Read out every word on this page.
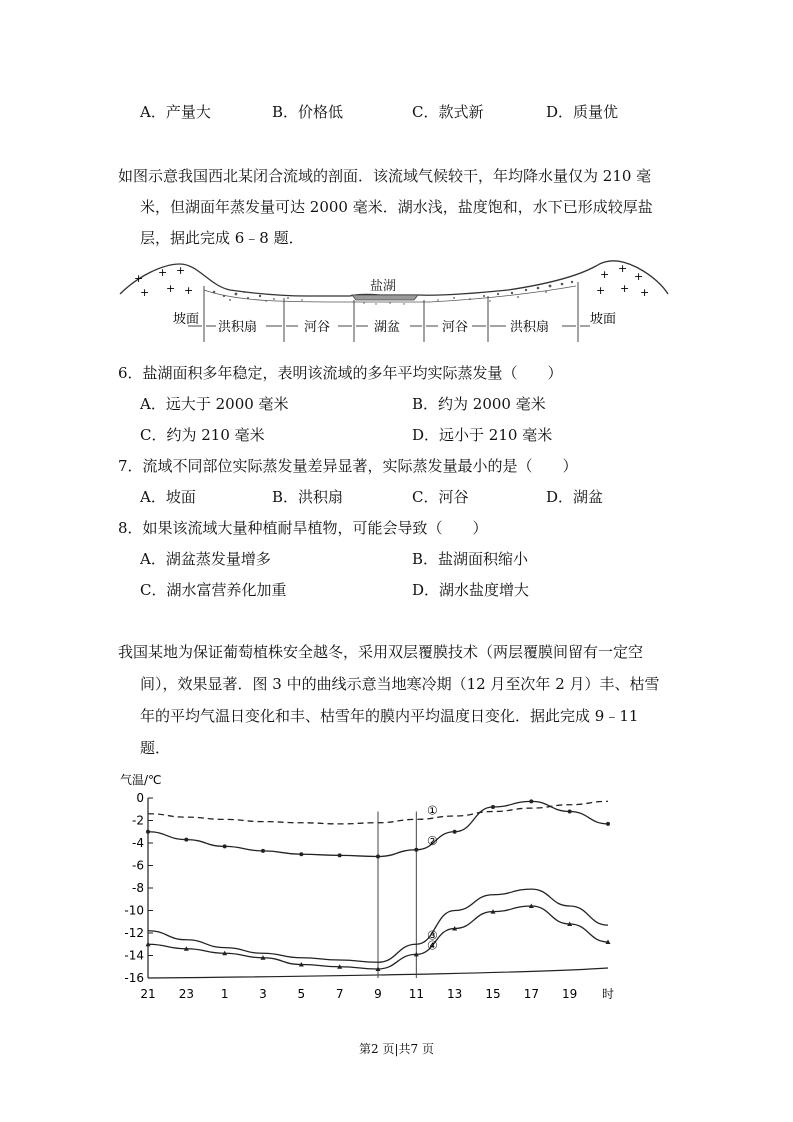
A．产量大	B．价格低	C．款式新	D．质量优
如图示意我国西北某闭合流域的剖面．该流域气候较干，年均降水量仅为 210 毫
米，但湖面年蒸发量可达 2000 毫米．湖水浅，盐度饱和，水下已形成较厚盐
层，据此完成 6﹣8 题．
+ + +
+ + +
+ +
+
+ + +
盐湖
坡面
洪积扇	河谷	湖盆	河谷	洪积扇
坡面
6．盐湖面积多年稳定，表明该流域的多年平均实际蒸发量（　　）
A．远大于 2000 毫米	B．约为 2000 毫米
C．约为 210 毫米	D．远小于 210 毫米
7．流域不同部位实际蒸发量差异显著，实际蒸发量最小的是（　　）
A．坡面	B．洪积扇	C．河谷	D．湖盆
8．如果该流域大量种植耐旱植物，可能会导致（　　）
A．湖盆蒸发量增多	B．盐湖面积缩小
C．湖水富营养化加重	D．湖水盐度增大
我国某地为保证葡萄植株安全越冬，采用双层覆膜技术（两层覆膜间留有一定空
间），效果显著．图 3 中的曲线示意当地寒冷期（12 月至次年 2 月）丰、枯雪
年的平均气温日变化和丰、枯雪年的膜内平均温度日变化．据此完成 9﹣11
题．
气温/℃
①
②
③
④
21 23 1	3	5	7	9 11 13 15 17 19 时
0
-2
-4
-6
-8
-10
-12
-14
-16
第2 页|共7 页
